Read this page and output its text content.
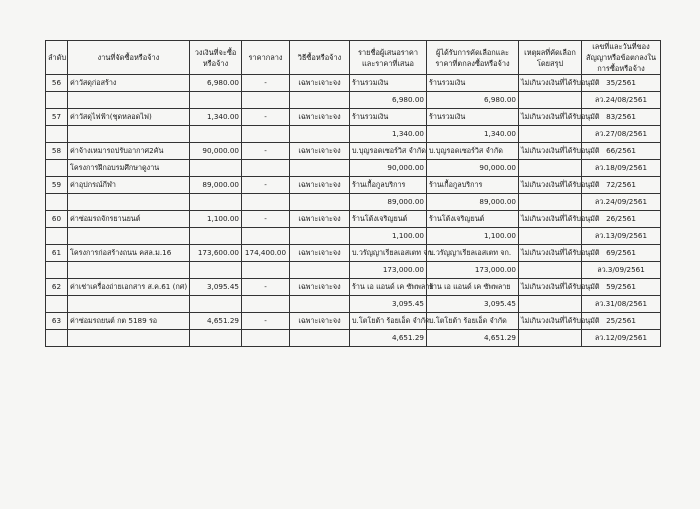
ลำดับ	งานที่จัดซื้อหรือจ้าง	วงเงินที่จะซื้อหรือจ้าง	ราคากลาง	วิธีซื้อหรือจ้าง	รายชื่อผู้เสนอราคาและราคาที่เสนอ	ผู้ได้รับการคัดเลือกและราคาที่ตกลงซื้อหรือจ้าง	เหตุผลที่คัดเลือกโดยสรุป	เลขที่และวันที่ของสัญญาหรือข้อตกลงในการซื้อหรือจ้าง
56	ค่าวัสดุก่อสร้าง	6,980.00	-	เฉพาะเจาะจง	ร้านรวมเงิน	ร้านรวมเงิน	ไม่เกินวงเงินที่ได้รับอนุมัติ	35/2561
					6,980.00	6,980.00		ลว.24/08/2561
57	ค่าวัสดุไฟฟ้า(ชุดหลอดไฟ)	1,340.00	-	เฉพาะเจาะจง	ร้านรวมเงิน	ร้านรวมเงิน	ไม่เกินวงเงินที่ได้รับอนุมัติ	83/2561
					1,340.00	1,340.00		ลว.27/08/2561
58	ค่าจ้างเหมารถปรับอากาศ2คัน	90,000.00	-	เฉพาะเจาะจง	บ.บุญรอดเซอร์วิส จำกัด	บ.บุญรอดเซอร์วิส จำกัด	ไม่เกินวงเงินที่ได้รับอนุมัติ	66/2561
	โครงการฝึกอบรมศึกษาดูงาน				90,000.00	90,000.00		ลว.18/09/2561
59	ค่าอุปกรณ์กีฬา	89,000.00	-	เฉพาะเจาะจง	ร้านเกื้อกูลบริการ	ร้านเกื้อกูลบริการ	ไม่เกินวงเงินที่ได้รับอนุมัติ	72/2561
					89,000.00	89,000.00		ลว.24/09/2561
60	ค่าซ่อมรถจักรยานยนต์	1,100.00	-	เฉพาะเจาะจง	ร้านโต้งเจริญยนต์	ร้านโต้งเจริญยนต์	ไม่เกินวงเงินที่ได้รับอนุมัติ	26/2561
					1,100.00	1,100.00		ลว.13/09/2561
61	โครงการก่อสร้างถนน คสล.ม.16	173,600.00	174,400.00	เฉพาะเจาะจง	บ.วรัญญาเรียลเอสเตท จก.	บ.วรัญญาเรียลเอสเตท จก.	ไม่เกินวงเงินที่ได้รับอนุมัติ	69/2561
					173,000.00	173,000.00		ลว.3/09/2561
62	ค่าเช่าเครื่องถ่ายเอกสาร ส.ค.61 (กศ)	3,095.45	-	เฉพาะเจาะจง	ร้าน เอ แอนด์ เค ซัพพลาย	ร้าน เอ แอนด์ เค ซัพพลาย	ไม่เกินวงเงินที่ได้รับอนุมัติ	59/2561
					3,095.45	3,095.45		ลว.31/08/2561
63	ค่าซ่อมรถยนต์ กต 5189 รอ	4,651.29	-	เฉพาะเจาะจง	บ.โตโยต้า ร้อยเอ็ด จำกัด	บ.โตโยต้า ร้อยเอ็ด จำกัด	ไม่เกินวงเงินที่ได้รับอนุมัติ	25/2561
					4,651.29	4,651.29		ลว.12/09/2561
